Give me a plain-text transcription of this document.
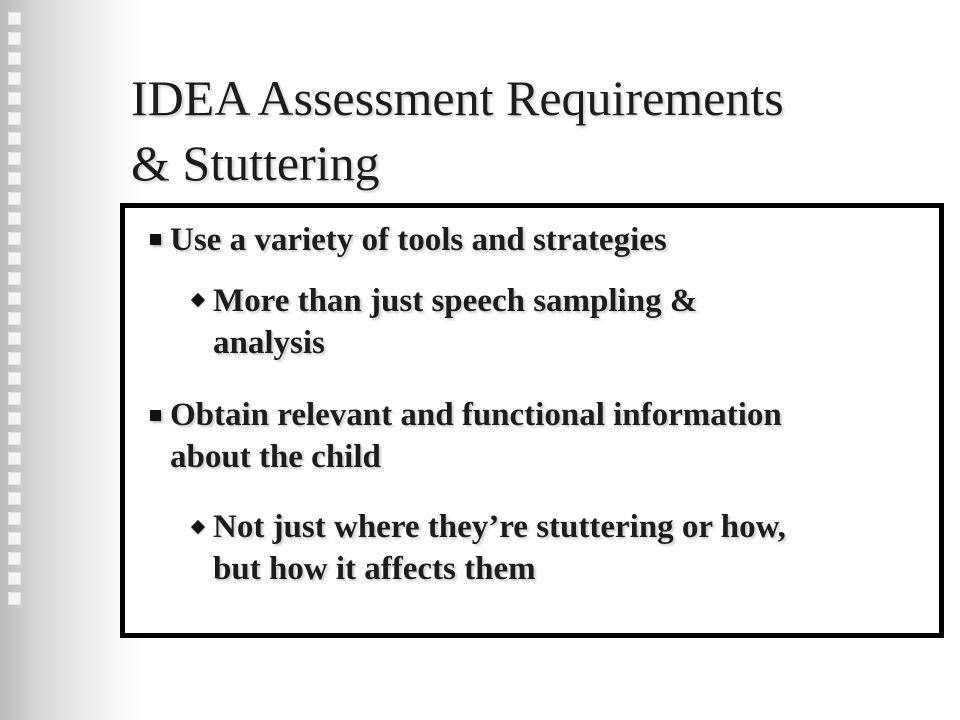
IDEA Assessment Requirements
& Stuttering
Use a variety of tools and strategies
More than just speech sampling &
analysis
Obtain relevant and functional information
about the child
Not just where they’re stuttering or how,
but how it affects them
